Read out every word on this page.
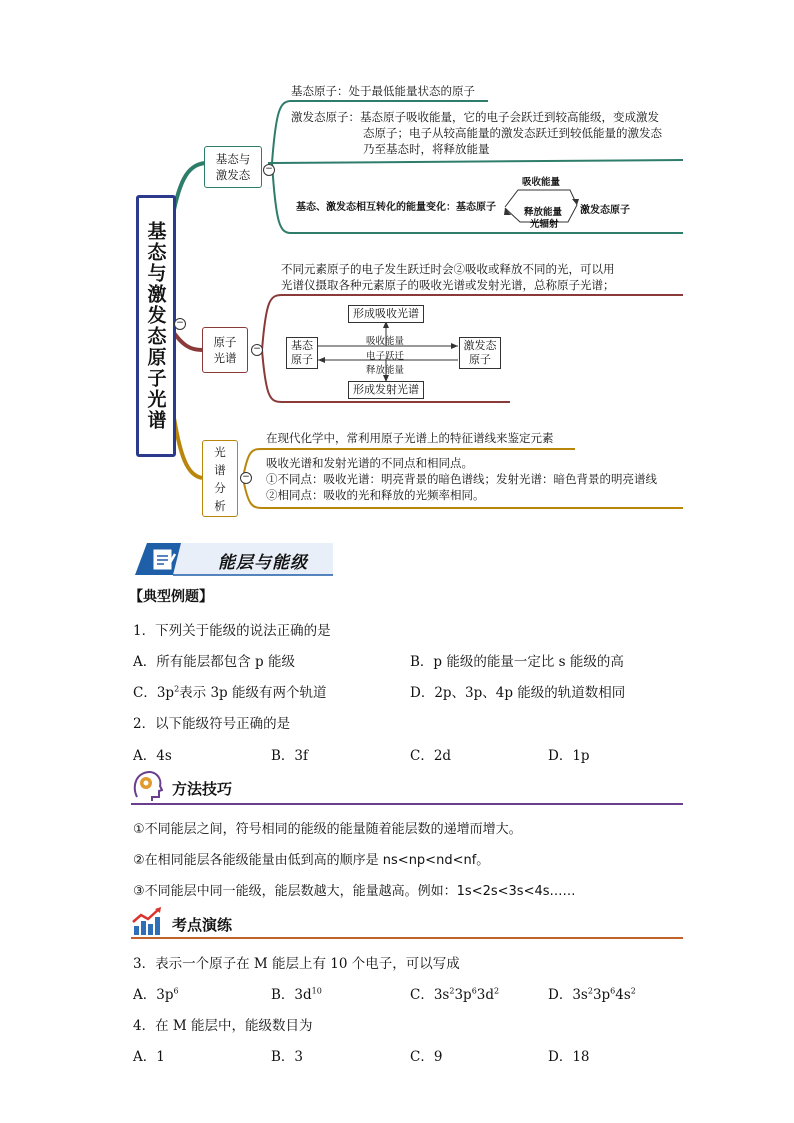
基态与激发态原子光谱	−
基态与激发态	−
基态原子：处于最低能量状态的原子
激发态原子：基态原子吸收能量，它的电子会跃迁到较高能级，变成激发
态原子；电子从较高能量的激发态跃迁到较低能量的激发态
乃至基态时，将释放能量
基态、激发态相互转化的能量变化：基态原子
吸收能量
释放能量
光辐射
激发态原子
原子光谱
−
不同元素原子的电子发生跃迁时会②吸收或释放不同的光，可以用
光谱仪摄取各种元素原子的吸收光谱或发射光谱，总称原子光谱；
形成吸收光谱
形成发射光谱
基态原子
激发态原子
吸收能量
电子跃迁
释放能量
光谱分析
−
在现代化学中，常利用原子光谱上的特征谱线来鉴定元素
吸收光谱和发射光谱的不同点和相同点。
①不同点：吸收光谱：明亮背景的暗色谱线；发射光谱：暗色背景的明亮谱线
②相同点：吸收的光和释放的光频率相同。
能层与能级
【典型例题】
1．下列关于能级的说法正确的是
A．所有能层都包含 p 能级	B．p 能级的能量一定比 s 能级的高
C．$3p^2$表示 3p 能级有两个轨道	D．2p、3p、4p 能级的轨道数相同
2．以下能级符号正确的是
A．4s	B．3f	C．2d	D．1p
方法技巧
①不同能层之间，符号相同的能级的能量随着能层数的递增而增大。
②在相同能层各能级能量由低到高的顺序是 ns<np<nd<nf。
③不同能层中同一能级，能层数越大，能量越高。例如：1s<2s<3s<4s……
考点演练
3．表示一个原子在 M 能层上有 10 个电子，可以写成
A．$3p^6$	B．$3d^{10}$	C．$3s^23p^63d^2$	D．$3s^23p^64s^2$
4．在 M 能层中，能级数目为
A．1	B．3	C．9	D．18
